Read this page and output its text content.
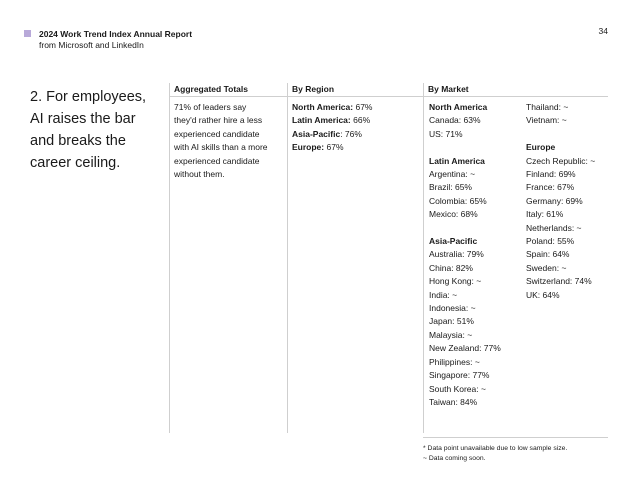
2024 Work Trend Index Annual Report
from Microsoft and LinkedIn
34
2. For employees,
AI raises the bar
and breaks the
career ceiling.
Aggregated Totals	By Region	By Market
71% of leaders say
they'd rather hire a less
experienced candidate
with AI skills than a more
experienced candidate
without them.
North America: 67%
Latin America: 66%
Asia-Pacific: 76%
Europe: 67%
North America
Canada: 63%
US: 71%
Latin America
Argentina: ~
Brazil: 65%
Colombia: 65%
Mexico: 68%
Asia-Pacific
Australia: 79%
China: 82%
Hong Kong: ~
India: ~
Indonesia: ~
Japan: 51%
Malaysia: ~
New Zealand: 77%
Philippines: ~
Singapore: 77%
South Korea: ~
Taiwan: 84%
Thailand: ~
Vietnam: ~
Europe
Czech Republic: ~
Finland: 69%
France: 67%
Germany: 69%
Italy: 61%
Netherlands: ~
Poland: 55%
Spain: 64%
Sweden: ~
Switzerland: 74%
UK: 64%
* Data point unavailable due to low sample size.
~ Data coming soon.
